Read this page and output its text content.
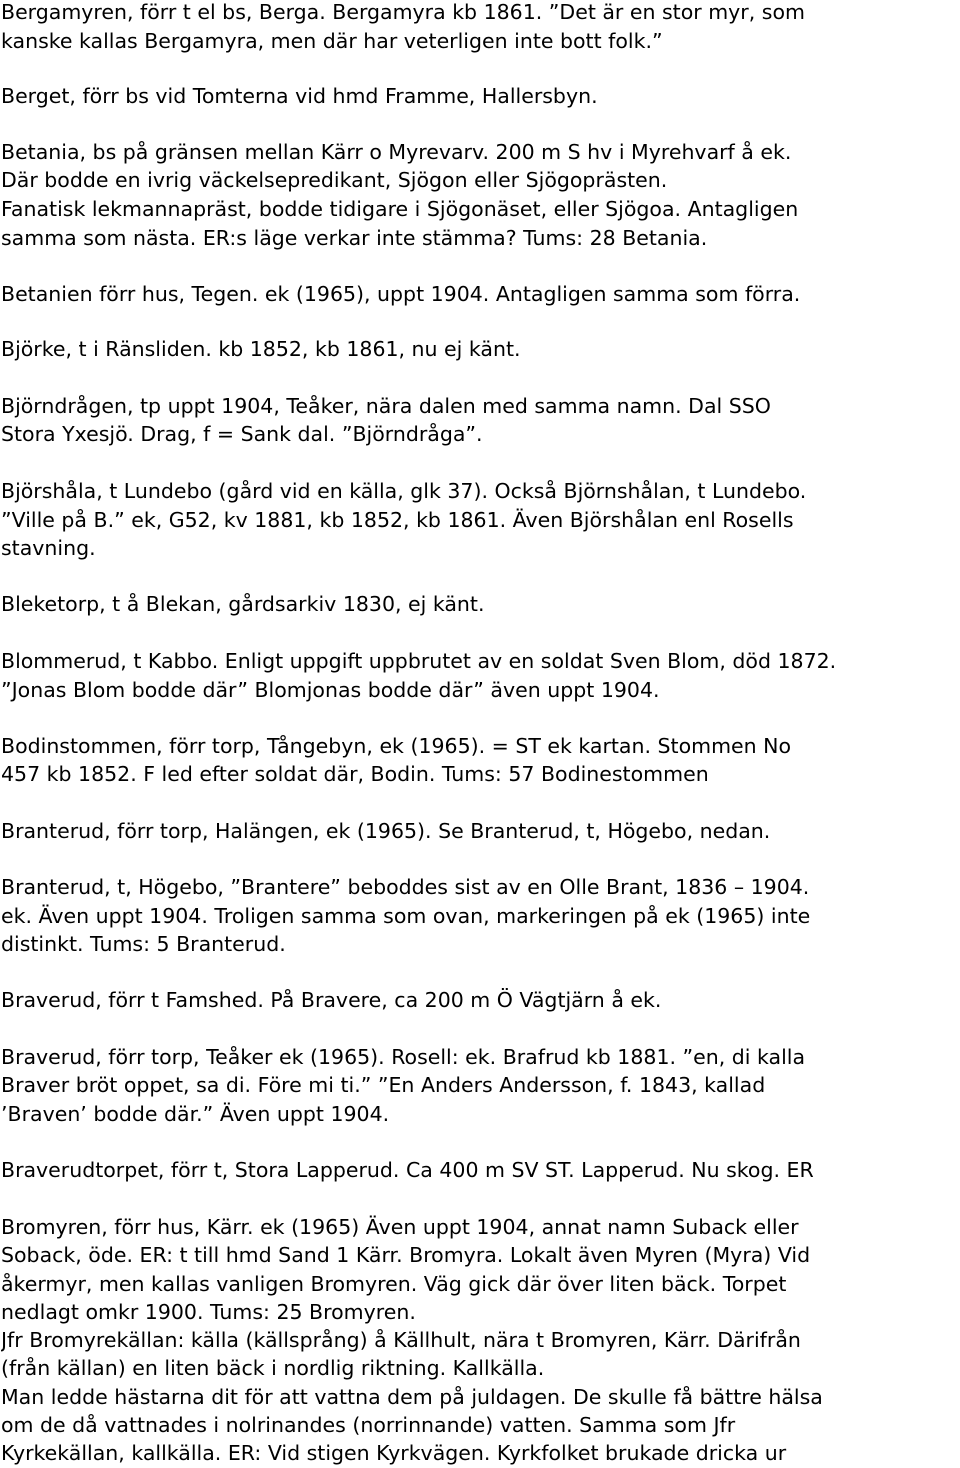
Bergamyren, förr t el bs, Berga. Bergamyra kb 1861. ”Det är en stor myr, som
kanske kallas Bergamyra, men där har veterligen inte bott folk.”
Berget, förr bs vid Tomterna vid hmd Framme, Hallersbyn.
Betania, bs på gränsen mellan Kärr o Myrevarv. 200 m S hv i Myrehvarf å ek.
Där bodde en ivrig väckelsepredikant, Sjögon eller Sjögoprästen.
Fanatisk lekmannapräst, bodde tidigare i Sjögonäset, eller Sjögoa. Antagligen
samma som nästa. ER:s läge verkar inte stämma? Tums: 28 Betania.
Betanien förr hus, Tegen. ek (1965), uppt 1904. Antagligen samma som förra.
Björke, t i Ränsliden. kb 1852, kb 1861, nu ej känt.
Björndrågen, tp uppt 1904, Teåker, nära dalen med samma namn. Dal SSO
Stora Yxesjö. Drag, f = Sank dal. ”Björndråga”.
Björshåla, t Lundebo (gård vid en källa, glk 37). Också Björnshålan, t Lundebo.
”Ville på B.” ek, G52, kv 1881, kb 1852, kb 1861. Även Björshålan enl Rosells
stavning.
Bleketorp, t å Blekan, gårdsarkiv 1830, ej känt.
Blommerud, t Kabbo. Enligt uppgift uppbrutet av en soldat Sven Blom, död 1872.
”Jonas Blom bodde där” Blomjonas bodde där” även uppt 1904.
Bodinstommen, förr torp, Tångebyn, ek (1965). = ST ek kartan. Stommen No
457 kb 1852. F led efter soldat där, Bodin. Tums: 57 Bodinestommen
Branterud, förr torp, Halängen, ek (1965). Se Branterud, t, Högebo, nedan.
Branterud, t, Högebo, ”Brantere” beboddes sist av en Olle Brant, 1836 – 1904.
ek. Även uppt 1904. Troligen samma som ovan, markeringen på ek (1965) inte
distinkt. Tums: 5 Branterud.
Braverud, förr t Famshed. På Bravere, ca 200 m Ö Vägtjärn å ek.
Braverud, förr torp, Teåker ek (1965). Rosell: ek. Brafrud kb 1881. ”en, di kalla
Braver bröt oppet, sa di. Före mi ti.” ”En Anders Andersson, f. 1843, kallad
’Braven’ bodde där.” Även uppt 1904.
Braverudtorpet, förr t, Stora Lapperud. Ca 400 m SV ST. Lapperud. Nu skog. ER
Bromyren, förr hus, Kärr. ek (1965) Även uppt 1904, annat namn Suback eller
Soback, öde. ER: t till hmd Sand 1 Kärr. Bromyra. Lokalt även Myren (Myra) Vid
åkermyr, men kallas vanligen Bromyren. Väg gick där över liten bäck. Torpet
nedlagt omkr 1900. Tums: 25 Bromyren.
Jfr Bromyrekällan: källa (källsprång) å Källhult, nära t Bromyren, Kärr. Därifrån
(från källan) en liten bäck i nordlig riktning. Kallkälla.
Man ledde hästarna dit för att vattna dem på juldagen. De skulle få bättre hälsa
om de då vattnades i nolrinandes (norrinnande) vatten. Samma som Jfr
Kyrkekällan, kallkälla. ER: Vid stigen Kyrkvägen. Kyrkfolket brukade dricka ur
